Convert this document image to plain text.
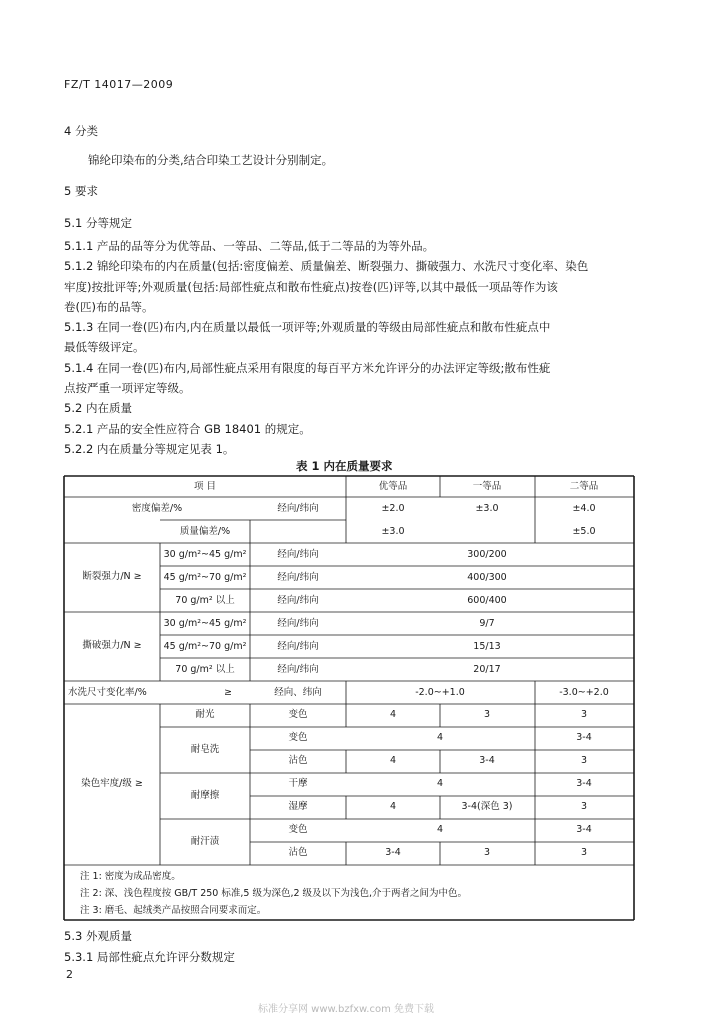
FZ/T 14017—2009
4 分类
锦纶印染布的分类,结合印染工艺设计分别制定。
5 要求
5.1 分等规定
5.1.1 产品的品等分为优等品、一等品、二等品,低于二等品的为等外品。
5.1.2 锦纶印染布的内在质量(包括:密度偏差、质量偏差、断裂强力、撕破强力、水洗尺寸变化率、染色
牢度)按批评等;外观质量(包括:局部性疵点和散布性疵点)按卷(匹)评等,以其中最低一项品等作为该
卷(匹)布的品等。
5.1.3 在同一卷(匹)布内,内在质量以最低一项评等;外观质量的等级由局部性疵点和散布性疵点中
最低等级评定。
5.1.4 在同一卷(匹)布内,局部性疵点采用有限度的每百平方米允许评分的办法评定等级;散布性疵
点按严重一项评定等级。
5.2 内在质量
5.2.1 产品的安全性应符合 GB 18401 的规定。
5.2.2 内在质量分等规定见表 1。
表 1 内在质量要求
项 目	优等品	一等品	二等品
密度偏差/%	经向/纬向	±2.0	±3.0	±4.0
质量偏差/%	±3.0	±5.0
断裂强力/N ≥
30 g/m²~45 g/m²	经向/纬向	300/200
45 g/m²~70 g/m²	经向/纬向	400/300
70 g/m² 以上	经向/纬向	600/400
撕破强力/N ≥
30 g/m²~45 g/m²	经向/纬向	9/7
45 g/m²~70 g/m²	经向/纬向	15/13
70 g/m² 以上	经向/纬向	20/17
水洗尺寸变化率/%	≥	经向、纬向	-2.0~+1.0	-3.0~+2.0
染色牢度/级 ≥
耐光	变色	4	3	3
耐皂洗
变色	4	3-4
沾色	4	3-4	3
耐摩擦
干摩	4	3-4
湿摩	4	3-4(深色 3)	3
耐汗渍
变色	4	3-4
沾色	3-4	3	3
注 1: 密度为成品密度。
注 2: 深、浅色程度按 GB/T 250 标准,5 级为深色,2 级及以下为浅色,介于两者之间为中色。
注 3: 磨毛、起绒类产品按照合同要求而定。
5.3 外观质量
5.3.1 局部性疵点允许评分数规定
2
标准分享网 www.bzfxw.com 免费下载
